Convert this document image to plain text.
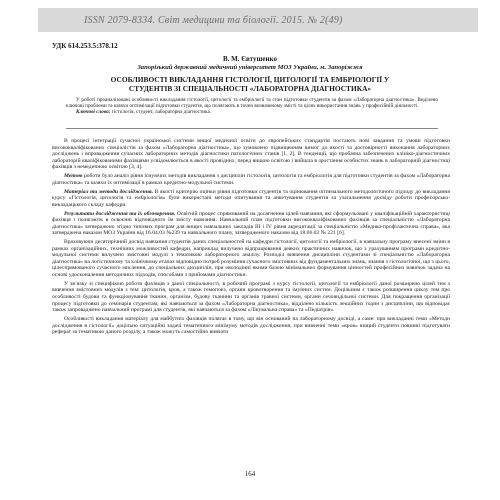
ISSN 2079-8334. Світ медицини та біології. 2015. № 2(49)
УДК 614.253.5:378.12
В. М. Євтушенко
Запорізький державний медичний університет МОЗ України, м. Запоріжжя
ОСОБЛИВОСТІ ВИКЛАДАННЯ ГІСТОЛОГІЇ, ЦИТОЛОГІЇ ТА ЕМБРІОЛОГІЇ У
СТУДЕНТІВ ЗІ СПЕЦІАЛЬНОСТІ «ЛАБОРАТОРНА ДІАГНОСТИКА»

У роботі проаналізовані особливості викладання гістології, цитології та ембріології та стан підготовки студентів за фахом «Лабораторна діагностика». Виділено ключові проблеми та шляхи оптимізації підготовки студентів, що полягають в точно визначеному змісті та цілях використання знань у професійній діяльності.

Ключові слова: гістологія, студент, лабораторна діагностика.

В процесі інтеграції сучасної української системи вищої медичної освіти до європейських стандартів постають нові завдання та умови підготовки висококваліфікованих спеціалістів за фахом «Лабораторна діагностика», що зумовлено підвищенням вимог до якості та достовірності виконання лабораторних досліджень і впровадження сучасних лабораторних методів діагностики патологічних станів [1, 2]. В тенденції, що пробачна забезпечених клініко-діагностичних лабораторій кваліфікованими фахівцями усвідомлюється в якості провідних, перед вищою освітою і вийшла в зростання особистих знань в лабораторній діагностиці фахівців з немедичною освітою [3, 4].

Метою роботи було аналіз рівня існуючих методів викладання з дисциплін гістологія, цитологія та ембріологія для підготовки студентів за фахом «Лабораторна діагностика» та шляхи їх оптимізації в рамках кредитно-модульної системи.

Матеріал та методи дослідження. В якості критерію оцінки рівня підготовки студентів та оцінювання оптимального методологічного підходу до викладання курсу «Гістологія, цитологія та ембріологія» були використані методи опитування та анкетування студентів за узагальнення досвіду роботи професорсько-викладацького складу кафедри.

Результати дослідження та їх обговорення. Освітній процес спрямований на досягнення цілей навчання, які сформульовані у кваліфікаційній характеристиці фахівця і полягають в освоєнні відповідного їм змісту навчання. Навчальний план підготовки висококваліфікованих фахівців за спеціальністю «Лабораторна діагностика» затверджено згідно типових програм для вищих навчальних закладів III і IV рівня акредитації за спеціальністю «Медико-профілактична справа», яка затверджена наказом МОЗ України від 16.04.03 №239 та навчального плану, затвердженого наказом від 18.06.02 № 221 [6].

Враховуючи десятирічний досвід навчання студентів даних спеціальностей на кафедри гістології, цитології та ембріології, в навчальну програму внесені зміни в рамках організаційних, технічних можливостей кафедри, наприклад вилучено відпрацювання деяких практичних навичок, що з урахуванням програми кредитно-модульної системи вилучено змістовні модулі з тематикою лабораторного аналізу. Розподіл вивчення дисципліни студентами зі спеціальністю «Лабораторна діагностика» на логістичному та клінічному етапах відповідно потреб розуміння сучасного змістовних від фундаментальних знань, знання з гістологічної, що з цього, цілеспрямованого сучасного мислення, до спеціальних дисциплін, при оволодінні якими базою мінімальних формування цінностей професійних навичок задача на основі удосконалення методичних підходів, способами з прийомами діагностики.

У зв’язку зі специфікою роботи фахівців з даної спеціальності, в робочий програмі з курсу гістології, цитології та ембріології даної розширено цілей тем з вивчення змістовних модулів з тем: цитологія, кров, а також гемопоез, органи кровотворення та імунних систем. Доцільним є також розширення циклу тем про особливості будови та функціонування тканин, організм, будову тканини та органів травної системи, органи сечовидільної системи. Для покращення організації процесу підготовки до семінарів студентам, які навчаються за фахом «Лабораторна діагностика», відділено кількість лекційних годин з дисципліни, що відповідає також запроваджено навчальний програмі для студентів, які навчаються за фахом «Лікувальна справа» та «Педіатрія».

Особливості викладання матеріалу для майбутніх фахівців полягає в тому, що він оснований на лабораторному досвіді, а саме: при викладанні теми «Методи дослідження в гістології» доцільно ситуаційні задачі тематичного мінімуму методів дослідження; при вивченні теми «кров» вищий студенти повинні підготувати реферат за тематикою даного розділу, а також можуть самостійно вивчати

164
